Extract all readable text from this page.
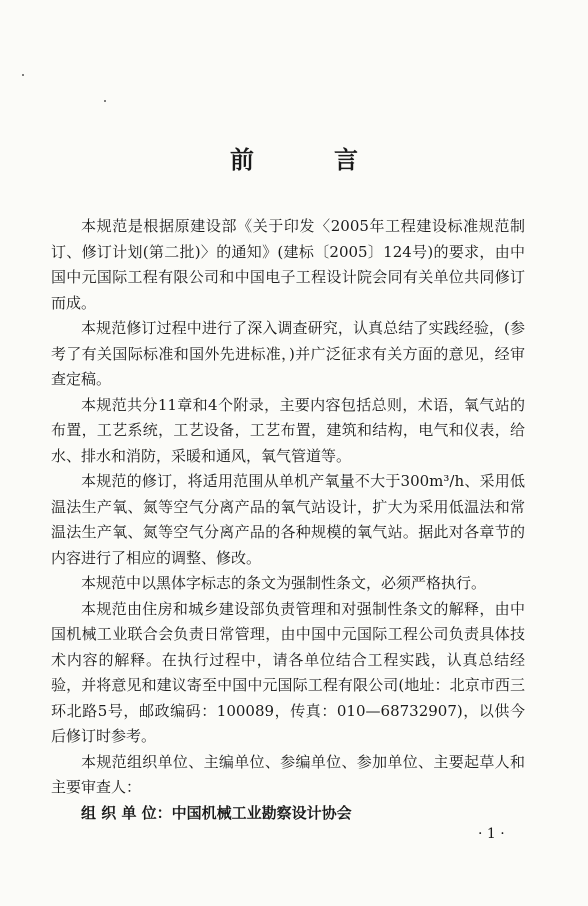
前　言

本规范是根据原建设部《关于印发〈2005年工程建设标准规范制订、修订计划(第二批)〉的通知》(建标〔2005〕124号)的要求，由中国中元国际工程有限公司和中国电子工程设计院会同有关单位共同修订而成。

本规范修订过程中进行了深入调查研究，认真总结了实践经验，(参考了有关国际标准和国外先进标准，)并广泛征求有关方面的意见，经审查定稿。

本规范共分11章和4个附录，主要内容包括总则，术语，氧气站的布置，工艺系统，工艺设备，工艺布置，建筑和结构，电气和仪表，给水、排水和消防，采暖和通风，氧气管道等。

本规范的修订，将适用范围从单机产氧量不大于300m³/h、采用低温法生产氧、氮等空气分离产品的氧气站设计，扩大为采用低温法和常温法生产氧、氮等空气分离产品的各种规模的氧气站。据此对各章节的内容进行了相应的调整、修改。

本规范中以黑体字标志的条文为强制性条文，必须严格执行。

本规范由住房和城乡建设部负责管理和对强制性条文的解释，由中国机械工业联合会负责日常管理，由中国中元国际工程公司负责具体技术内容的解释。在执行过程中，请各单位结合工程实践，认真总结经验，并将意见和建议寄至中国中元国际工程有限公司(地址：北京市西三环北路5号，邮政编码：100089，传真：010—68732907)，以供今后修订时参考。

本规范组织单位、主编单位、参编单位、参加单位、主要起草人和主要审查人：

组 织 单 位：中国机械工业勘察设计协会

· 1 ·
